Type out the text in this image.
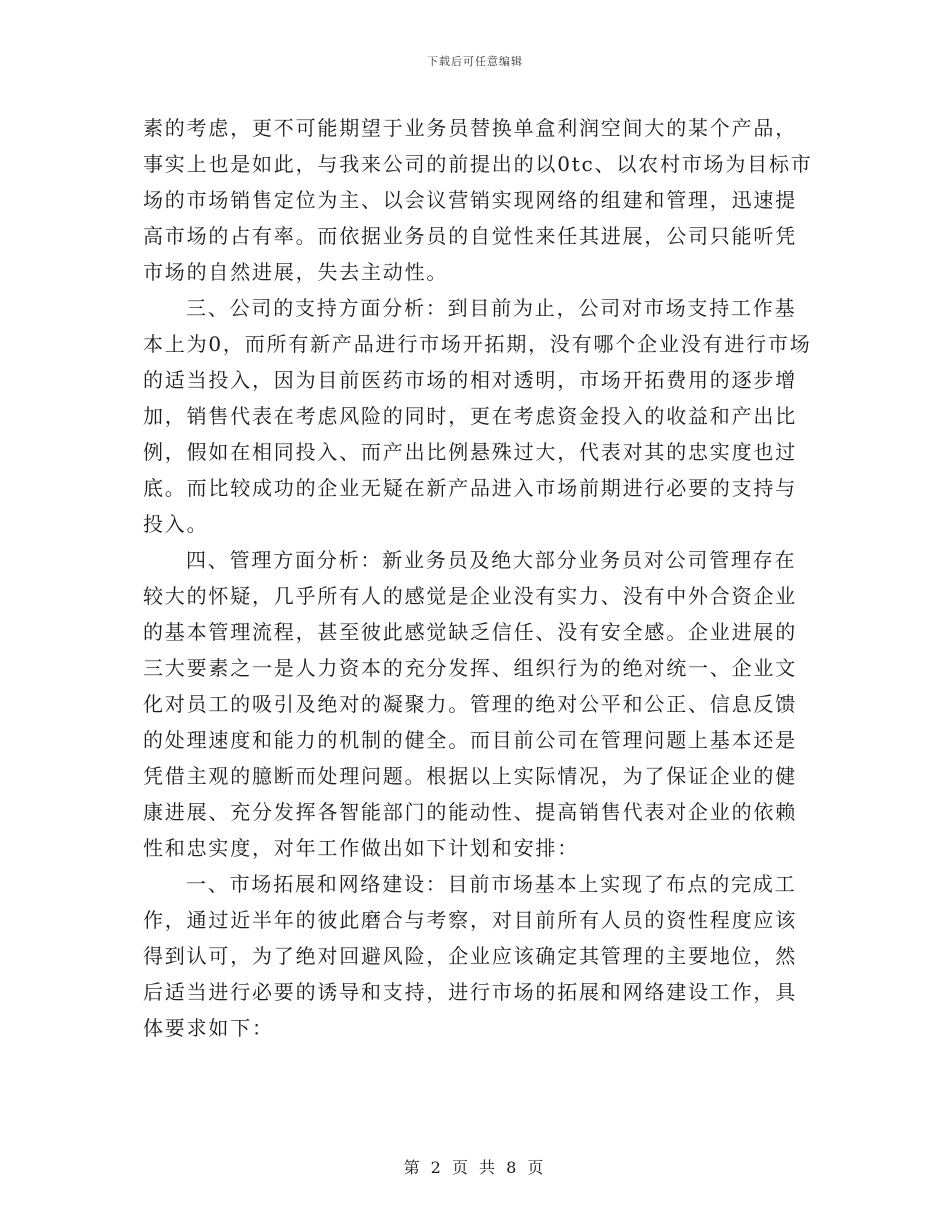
下载后可任意编辑
素的考虑，更不可能期望于业务员替换单盒利润空间大的某个产品，
事实上也是如此，与我来公司的前提出的以0tc、以农村市场为目标市
场的市场销售定位为主、以会议营销实现网络的组建和管理，迅速提
高市场的占有率。而依据业务员的自觉性来任其进展，公司只能听凭
市场的自然进展，失去主动性。
三、公司的支持方面分析：到目前为止，公司对市场支持工作基
本上为0，而所有新产品进行市场开拓期，没有哪个企业没有进行市场
的适当投入，因为目前医药市场的相对透明，市场开拓费用的逐步增
加，销售代表在考虑风险的同时，更在考虑资金投入的收益和产出比
例，假如在相同投入、而产出比例悬殊过大，代表对其的忠实度也过
底。而比较成功的企业无疑在新产品进入市场前期进行必要的支持与
投入。
四、管理方面分析：新业务员及绝大部分业务员对公司管理存在
较大的怀疑，几乎所有人的感觉是企业没有实力、没有中外合资企业
的基本管理流程，甚至彼此感觉缺乏信任、没有安全感。企业进展的
三大要素之一是人力资本的充分发挥、组织行为的绝对统一、企业文
化对员工的吸引及绝对的凝聚力。管理的绝对公平和公正、信息反馈
的处理速度和能力的机制的健全。而目前公司在管理问题上基本还是
凭借主观的臆断而处理问题。根据以上实际情况，为了保证企业的健
康进展、充分发挥各智能部门的能动性、提高销售代表对企业的依赖
性和忠实度，对年工作做出如下计划和安排：
一、市场拓展和网络建设：目前市场基本上实现了布点的完成工
作，通过近半年的彼此磨合与考察，对目前所有人员的资性程度应该
得到认可，为了绝对回避风险，企业应该确定其管理的主要地位，然
后适当进行必要的诱导和支持，进行市场的拓展和网络建设工作，具
体要求如下：
第 2 页 共 8 页
